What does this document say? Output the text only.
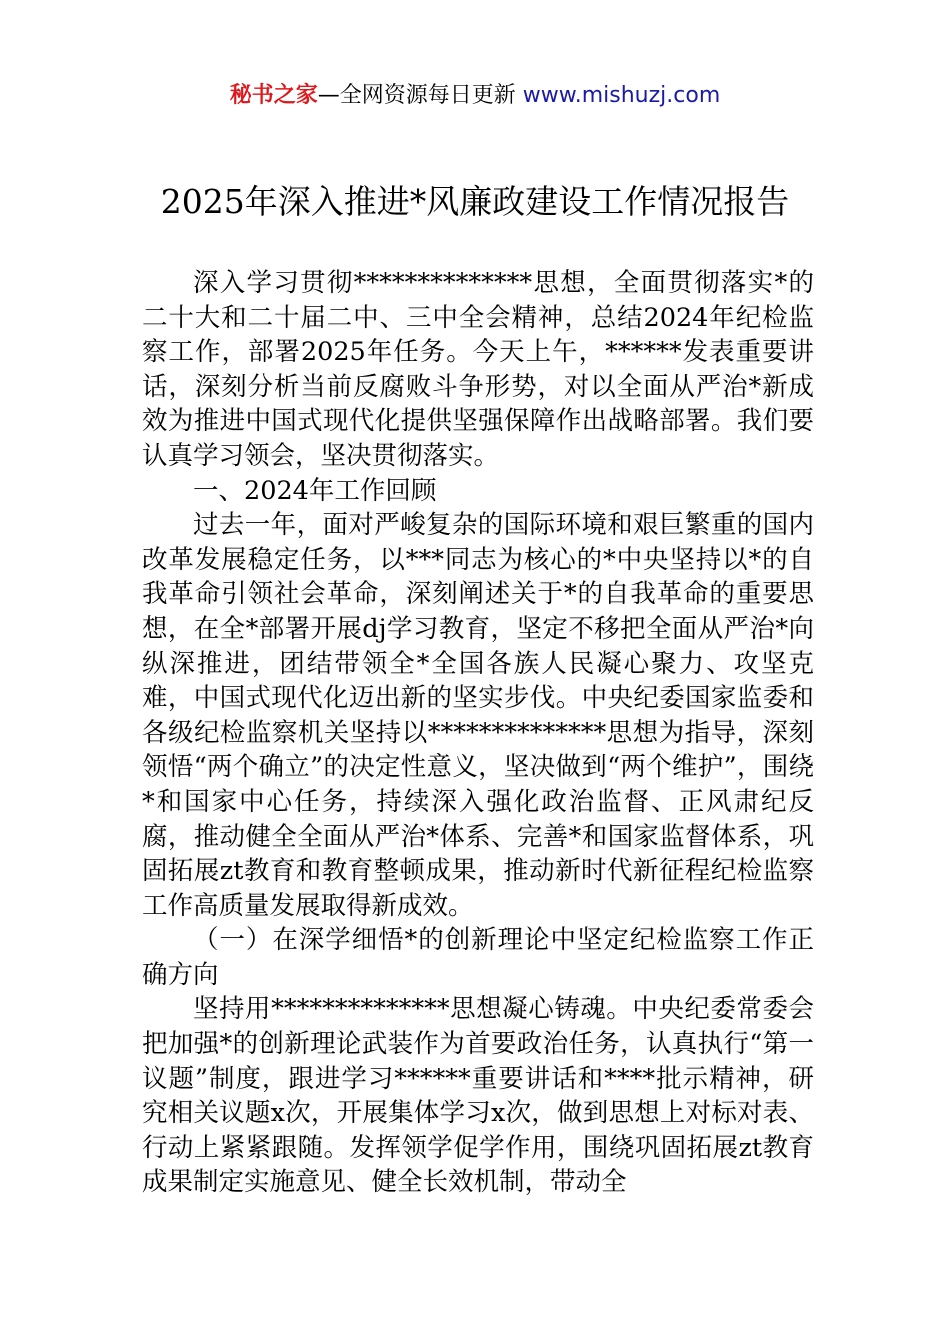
秘书之家—全网资源每日更新 www.mishuzj.com
2025年深入推进*风廉政建设工作情况报告

深入学习贯彻**************思想，全面贯彻落实*的二十大和二十届二中、三中全会精神，总结2024年纪检监察工作，部署2025年任务。今天上午，******发表重要讲话，深刻分析当前反腐败斗争形势，对以全面从严治*新成效为推进中国式现代化提供坚强保障作出战略部署。我们要认真学习领会，坚决贯彻落实。

一、2024年工作回顾

过去一年，面对严峻复杂的国际环境和艰巨繁重的国内改革发展稳定任务，以***同志为核心的*中央坚持以*的自我革命引领社会革命，深刻阐述关于*的自我革命的重要思想，在全*部署开展dj学习教育，坚定不移把全面从严治*向纵深推进，团结带领全*全国各族人民凝心聚力、攻坚克难，中国式现代化迈出新的坚实步伐。中央纪委国家监委和各级纪检监察机关坚持以**************思想为指导，深刻领悟“两个确立”的决定性意义，坚决做到“两个维护”，围绕*和国家中心任务，持续深入强化政治监督、正风肃纪反腐，推动健全全面从严治*体系、完善*和国家监督体系，巩固拓展zt教育和教育整顿成果，推动新时代新征程纪检监察工作高质量发展取得新成效。

（一）在深学细悟*的创新理论中坚定纪检监察工作正确方向

坚持用**************思想凝心铸魂。中央纪委常委会把加强*的创新理论武装作为首要政治任务，认真执行“第一议题”制度，跟进学习******重要讲话和****批示精神，研究相关议题x次，开展集体学习x次，做到思想上对标对表、行动上紧紧跟随。发挥领学促学作用，围绕巩固拓展zt教育成果制定实施意见、健全长效机制，带动全
